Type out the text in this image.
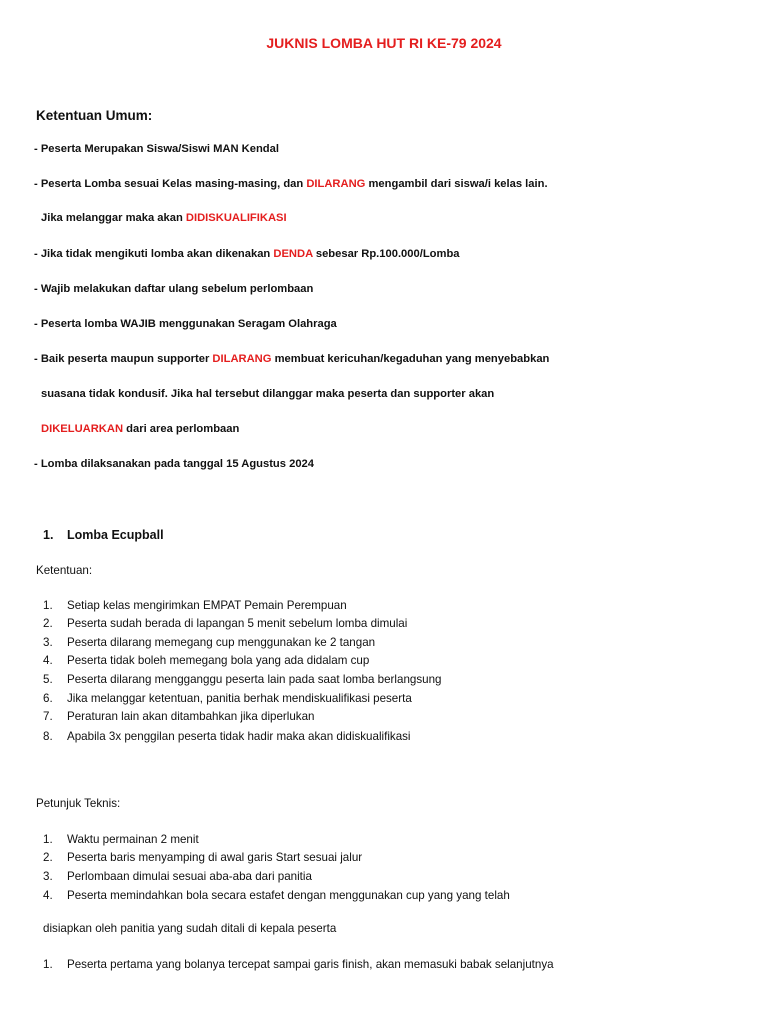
JUKNIS LOMBA HUT RI KE-79 2024
Ketentuan Umum:
- Peserta Merupakan Siswa/Siswi MAN Kendal
- Peserta Lomba sesuai Kelas masing-masing, dan DILARANG mengambil dari siswa/i kelas lain.
Jika melanggar maka akan DIDISKUALIFIKASI
- Jika tidak mengikuti lomba akan dikenakan DENDA sebesar Rp.100.000/Lomba
- Wajib melakukan daftar ulang sebelum perlombaan
- Peserta lomba WAJIB menggunakan Seragam Olahraga
- Baik peserta maupun supporter DILARANG membuat kericuhan/kegaduhan yang menyebabkan
suasana tidak kondusif. Jika hal tersebut dilanggar maka peserta dan supporter akan
DIKELUARKAN dari area perlombaan
- Lomba dilaksanakan pada tanggal 15 Agustus 2024
1. Lomba Ecupball
Ketentuan:
1. Setiap kelas mengirimkan EMPAT Pemain Perempuan
2. Peserta sudah berada di lapangan 5 menit sebelum lomba dimulai
3. Peserta dilarang memegang cup menggunakan ke 2 tangan
4. Peserta tidak boleh memegang bola yang ada didalam cup
5. Peserta dilarang mengganggu peserta lain pada saat lomba berlangsung
6. Jika melanggar ketentuan, panitia berhak mendiskualifikasi peserta
7. Peraturan lain akan ditambahkan jika diperlukan
8. Apabila 3x penggilan peserta tidak hadir maka akan didiskualifikasi
Petunjuk Teknis:
1. Waktu permainan 2 menit
2. Peserta baris menyamping di awal garis Start sesuai jalur
3. Perlombaan dimulai sesuai aba-aba dari panitia
4. Peserta memindahkan bola secara estafet dengan menggunakan cup yang yang telah
disiapkan oleh panitia yang sudah ditali di kepala peserta
1. Peserta pertama yang bolanya tercepat sampai garis finish, akan memasuki babak selanjutnya
